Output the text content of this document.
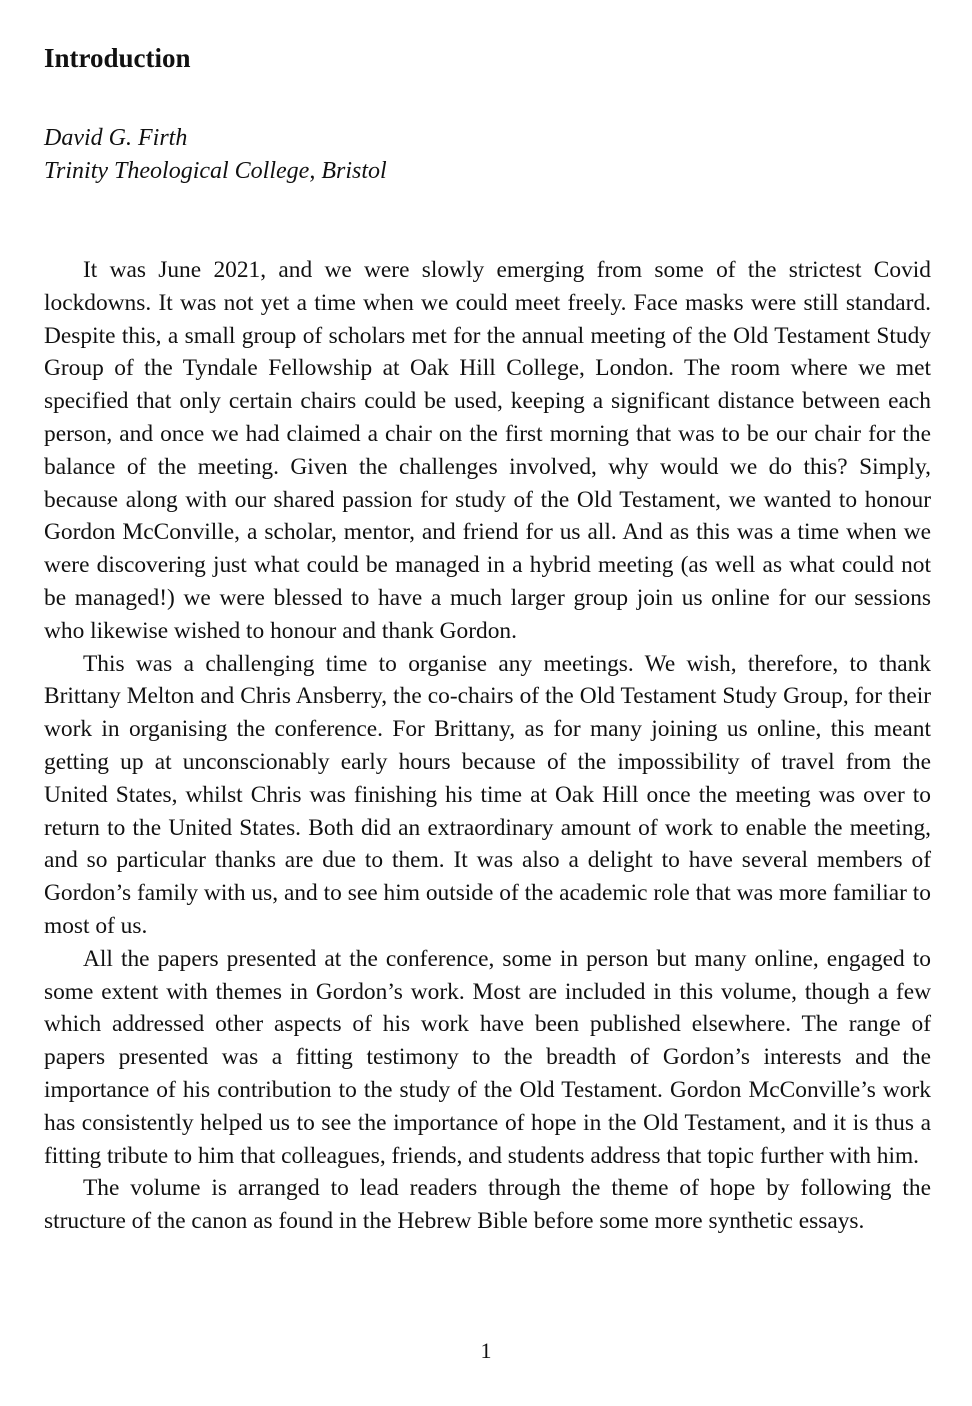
Introduction
David G. Firth
Trinity Theological College, Bristol

It was June 2021, and we were slowly emerging from some of the strictest Covid lockdowns. It was not yet a time when we could meet freely. Face masks were still standard. Despite this, a small group of scholars met for the annual meeting of the Old Testament Study Group of the Tyndale Fellowship at Oak Hill College, London. The room where we met specified that only certain chairs could be used, keeping a significant distance between each person, and once we had claimed a chair on the first morning that was to be our chair for the balance of the meeting. Given the challenges involved, why would we do this? Simply, because along with our shared passion for study of the Old Testament, we wanted to honour Gordon McConville, a scholar, mentor, and friend for us all. And as this was a time when we were discovering just what could be managed in a hybrid meeting (as well as what could not be managed!) we were blessed to have a much larger group join us online for our sessions who likewise wished to honour and thank Gordon.

This was a challenging time to organise any meetings. We wish, therefore, to thank Brittany Melton and Chris Ansberry, the co-chairs of the Old Testament Study Group, for their work in organising the conference. For Brittany, as for many joining us online, this meant getting up at unconscionably early hours because of the impossibility of travel from the United States, whilst Chris was finishing his time at Oak Hill once the meeting was over to return to the United States. Both did an extraordinary amount of work to enable the meeting, and so particular thanks are due to them. It was also a delight to have several members of Gordon’s family with us, and to see him outside of the academic role that was more familiar to most of us.

All the papers presented at the conference, some in person but many online, engaged to some extent with themes in Gordon’s work. Most are included in this volume, though a few which addressed other aspects of his work have been published elsewhere. The range of papers presented was a fitting testimony to the breadth of Gordon’s interests and the importance of his contribution to the study of the Old Testament. Gordon McConville’s work has consistently helped us to see the importance of hope in the Old Testament, and it is thus a fitting tribute to him that colleagues, friends, and students address that topic further with him.

The volume is arranged to lead readers through the theme of hope by following the structure of the canon as found in the Hebrew Bible before some more synthetic essays.

1
